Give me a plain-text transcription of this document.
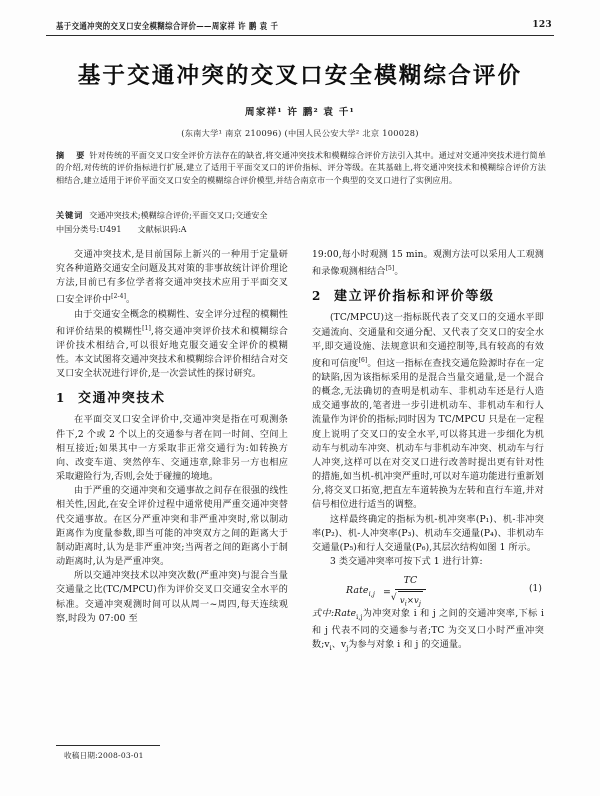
基于交通冲突的交叉口安全模糊综合评价——周家祥 许 鹏 袁 千	123
基于交通冲突的交叉口安全模糊综合评价
周家祥¹ 许 鹏² 袁 千¹
(东南大学¹ 南京 210096) (中国人民公安大学² 北京 100028)
摘　要 针对传统的平面交叉口安全评价方法存在的缺省,将交通冲突技术和模糊综合评价方法引入其中。通过对交通冲突技术进行简单的介绍,对传统的评价指标进行扩展,建立了适用于平面交叉口的评价指标、评分等级。在其基础上,将交通冲突技术和模糊综合评价方法相结合,建立适用于评价平面交叉口安全的模糊综合评价模型,并结合南京市一个典型的交叉口进行了实例应用。
关键词 交通冲突技术;模糊综合评价;平面交叉口;交通安全
中国分类号:U491 文献标识码:A

交通冲突技术,是目前国际上新兴的一种用于定量研究各种道路交通安全问题及其对策的非事故统计评价理论方法,目前已有多位学者将交通冲突技术应用于平面交叉口安全评价中[2-4]。

由于交通安全概念的模糊性、安全评分过程的模糊性和评价结果的模糊性[1],将交通冲突评价技术和模糊综合评价技术相结合,可以很好地克服交通安全评价的模糊性。本文试图将交通冲突技术和模糊综合评价相结合对交叉口安全状况进行评价,是一次尝试性的探讨研究。

1 交通冲突技术

在平面交叉口安全评价中,交通冲突是指在可观测条件下,2 个或 2 个以上的交通参与者在同一时间、空间上相互接近;如果其中一方采取非正常交通行为:如转换方向、改变车道、突然停车、交通违章,除非另一方也相应采取避险行为,否则,会处于碰撞的境地。

由于严重的交通冲突和交通事故之间存在很强的线性相关性,因此,在安全评价过程中通常使用严重交通冲突替代交通事故。在区分严重冲突和非严重冲突时,常以制动距离作为度量参数,即当可能的冲突双方之间的距离大于制动距离时,认为是非严重冲突;当两者之间的距离小于制动距离时,认为是严重冲突。

所以交通冲突技术以冲突次数(严重冲突)与混合当量交通量之比(TC/MPCU)作为评价交叉口交通安全水平的标准。交通冲突观测时间可以从周一~周四,每天连续观察,时段为 07:00 至

收稿日期:2008-03-01

19:00,每小时观测 15 min。观测方法可以采用人工观测和录像观测相结合[5]。

2 建立评价指标和评价等级

(TC/MPCU)这一指标既代表了交叉口的交通水平即交通流向、交通量和交通分配、又代表了交叉口的安全水平,即交通设施、法规意识和交通控制等,具有较高的有效度和可信度[6]。但这一指标在查找交通危险源时存在一定的缺陷,因为该指标采用的是混合当量交通量,是一个混合的概念,无法确切的查明是机动车、非机动车还是行人造成交通事故的,笔者进一步引进机动车、非机动车和行人流量作为评价的指标;同时因为 TC/MPCU 只是在一定程度上说明了交叉口的安全水平,可以将其进一步细化为机动车与机动车冲突、机动车与非机动车冲突、机动车与行人冲突,这样可以在对交叉口进行改善时提出更有针对性的措施,如当机-机冲突严重时,可以对车道功能进行重新划分,将交叉口拓宽,把直左车道转换为左转和直行车道,并对信号相位进行适当的调整。

这样最终确定的指标为机-机冲突率(P₁)、机-非冲突率(P₂)、机-人冲突率(P₃)、机动车交通量(P₄)、非机动车交通量(P₅)和行人交通量(P₆),其层次结构如图 1 所示。

3 类交通冲突率可按下式 1 进行计算:

Rate$_{i,j}$ = TC
√ $v_i\times v_j$	(1)

式中:Rate$_{i,j}$为冲突对象 i 和 j 之间的交通冲突率,下标 i 和 j 代表不同的交通参与者;TC 为交叉口小时严重冲突数$;v_i$、$v_j$为参与对象 i 和 j 的交通量。
